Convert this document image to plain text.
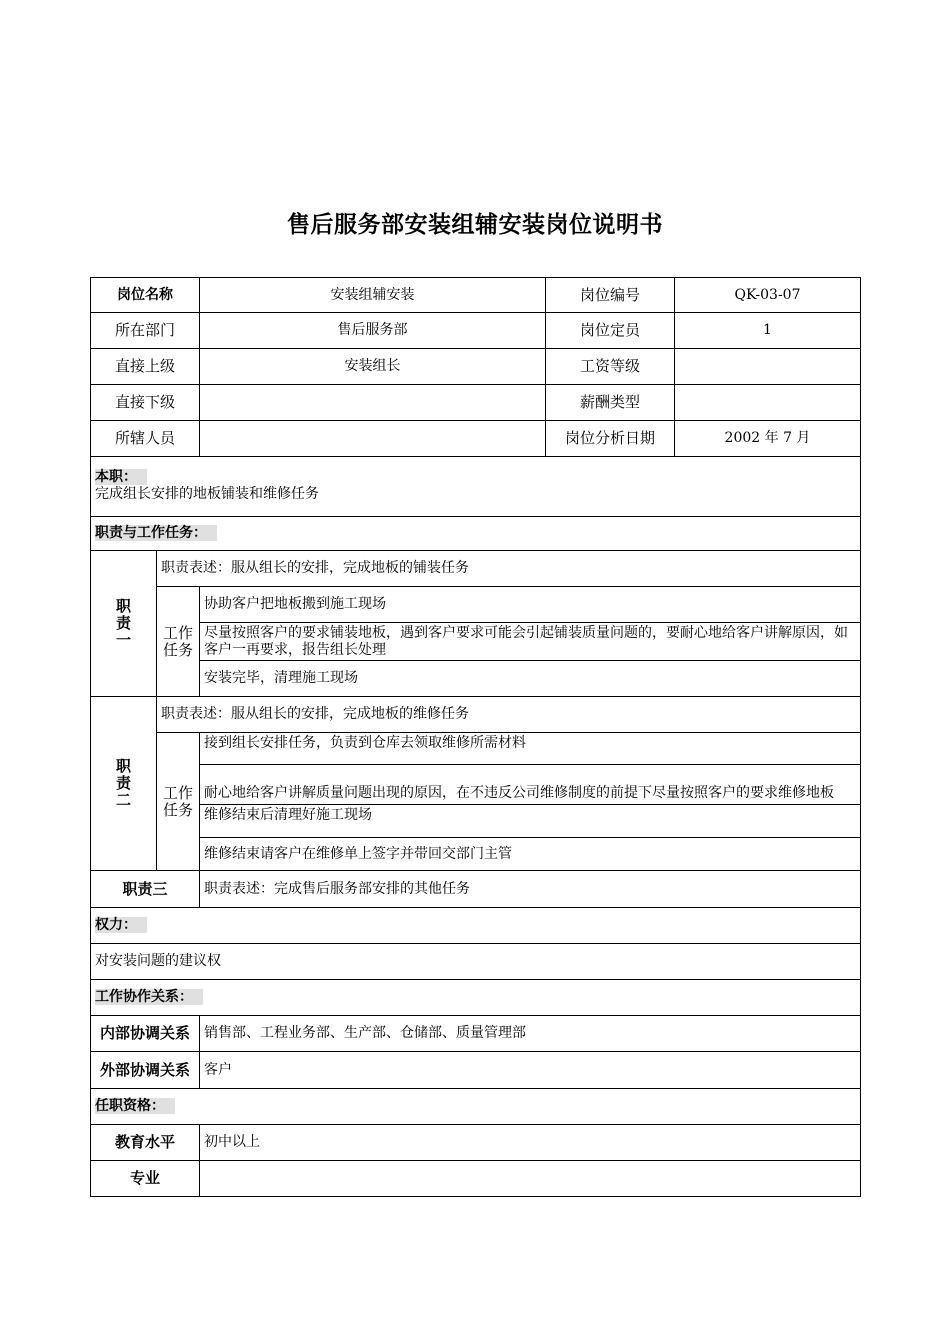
售后服务部安装组辅安装岗位说明书
岗位名称		安装组辅安装	岗位编号	QK-03-07
所在部门		售后服务部	岗位定员	1
直接上级		安装组长	工资等级	
直接下级			薪酬类型	
所辖人员			岗位分析日期	2002 年 7 月

本职：
完成组长安排的地板铺装和维修任务				

职责与工作任务：				
职
责
一	职责表述：服从组长的安排，完成地板的铺装任务			
	工作
任务	协助客户把地板搬到施工现场		
		尽量按照客户的要求铺装地板，遇到客户要求可能会引起铺装质量问题的，要耐心地给客户讲解原因，如客户一再要求，报告组长处理		
		安装完毕，清理施工现场		
职
责
二	职责表述：服从组长的安排，完成地板的维修任务			
	工作
任务	接到组长安排任务，负责到仓库去领取维修所需材料		
		耐心地给客户讲解质量问题出现的原因，在不违反公司维修制度的前提下尽量按照客户的要求维修地板		
		维修结束后清理好施工现场		
		维修结束请客户在维修单上签字并带回交部门主管		
职责三		职责表述：完成售后服务部安排的其他任务		
权力：				
对安装问题的建议权				
工作协作关系：				
内部协调关系		销售部、工程业务部、生产部、仓储部、质量管理部		
外部协调关系		客户		
任职资格：				
教育水平		初中以上		
专业				
